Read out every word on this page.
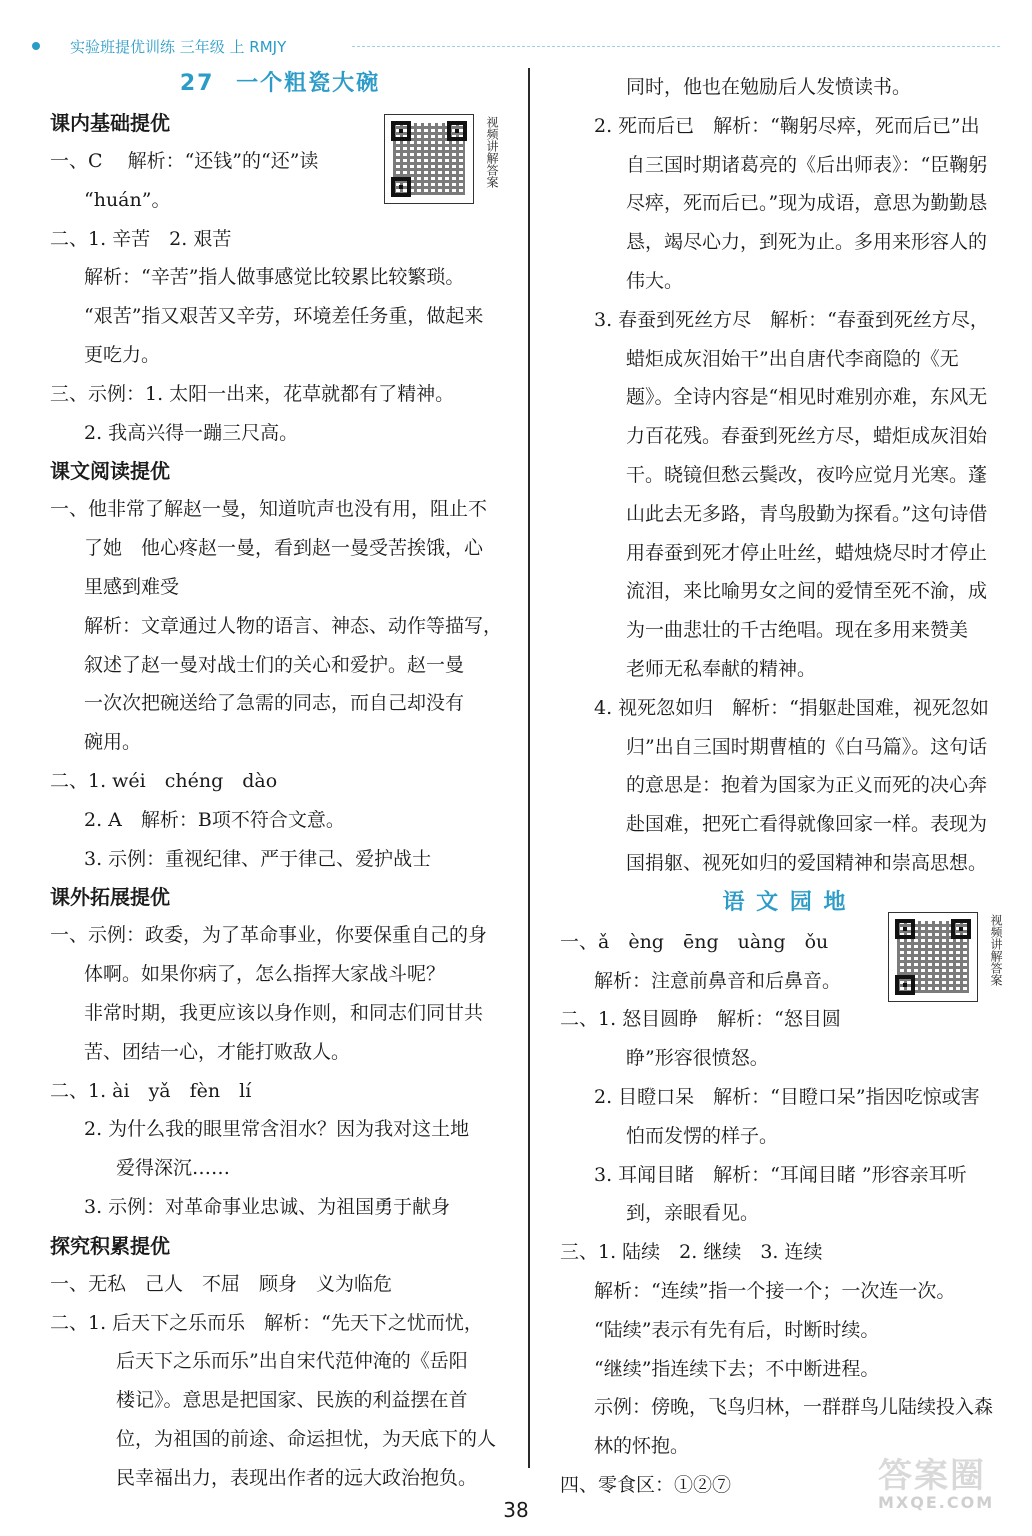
实验班提优训练 三年级 上 RMJY
27 一个粗瓷大碗
课内基础提优
一、C　 解析：“还钱”的“还”读
“huán”。
二、1. 辛苦　2. 艰苦
解析：“辛苦”指人做事感觉比较累比较繁琐。
“艰苦”指又艰苦又辛劳，环境差任务重，做起来
更吃力。
三、示例：1. 太阳一出来，花草就都有了精神。
2. 我高兴得一蹦三尺高。
课文阅读提优
一、他非常了解赵一曼，知道吭声也没有用，阻止不
了她　他心疼赵一曼，看到赵一曼受苦挨饿，心
里感到难受
解析：文章通过人物的语言、神态、动作等描写，
叙述了赵一曼对战士们的关心和爱护。赵一曼
一次次把碗送给了急需的同志，而自己却没有
碗用。
二、1. wéi　chéng　dào
2. A　解析：B项不符合文意。
3. 示例：重视纪律、严于律己、爱护战士
课外拓展提优
一、示例：政委，为了革命事业，你要保重自己的身
体啊。如果你病了，怎么指挥大家战斗呢？
非常时期，我更应该以身作则，和同志们同甘共
苦、团结一心，才能打败敌人。
二、1. ài　yǎ　fèn　lí
2. 为什么我的眼里常含泪水？因为我对这土地
爱得深沉……
3. 示例：对革命事业忠诚、为祖国勇于献身
探究积累提优
一、无私　己人　不屈　顾身　义为临危
二、1. 后天下之乐而乐　解析：“先天下之忧而忧，
后天下之乐而乐”出自宋代范仲淹的《岳阳
楼记》。意思是把国家、民族的利益摆在首
位，为祖国的前途、命运担忧，为天底下的人
民幸福出力，表现出作者的远大政治抱负。
同时，他也在勉励后人发愤读书。
2. 死而后已　解析：“鞠躬尽瘁，死而后已”出
自三国时期诸葛亮的《后出师表》：“臣鞠躬
尽瘁，死而后已。”现为成语，意思为勤勤恳
恳，竭尽心力，到死为止。多用来形容人的
伟大。
3. 春蚕到死丝方尽　解析：“春蚕到死丝方尽，
蜡炬成灰泪始干”出自唐代李商隐的《无
题》。全诗内容是“相见时难别亦难，东风无
力百花残。春蚕到死丝方尽，蜡炬成灰泪始
干。晓镜但愁云鬓改，夜吟应觉月光寒。蓬
山此去无多路，青鸟殷勤为探看。”这句诗借
用春蚕到死才停止吐丝，蜡烛烧尽时才停止
流泪，来比喻男女之间的爱情至死不渝，成
为一曲悲壮的千古绝唱。现在多用来赞美
老师无私奉献的精神。
4. 视死忽如归　解析：“捐躯赴国难，视死忽如
归”出自三国时期曹植的《白马篇》。这句话
的意思是：抱着为国家为正义而死的决心奔
赴国难，把死亡看得就像回家一样。表现为
国捐躯、视死如归的爱国精神和崇高思想。
语 文 园 地
一、ǎ　èng　ēng　uàng　ǒu
解析：注意前鼻音和后鼻音。
二、1. 怒目圆睁　解析：“怒目圆
睁”形容很愤怒。
2. 目瞪口呆　解析：“目瞪口呆”指因吃惊或害
怕而发愣的样子。
3. 耳闻目睹　解析：“耳闻目睹 ”形容亲耳听
到，亲眼看见。
三、1. 陆续　2. 继续　3. 连续
解析：“连续”指一个接一个；一次连一次。
“陆续”表示有先有后，时断时续。
“继续”指连续下去；不中断进程。
示例：傍晚，飞鸟归林，一群群鸟儿陆续投入森
林的怀抱。
四、零食区：①②⑦
视频讲解答案
视频讲解答案
38
答案圈
MXQE.COM
